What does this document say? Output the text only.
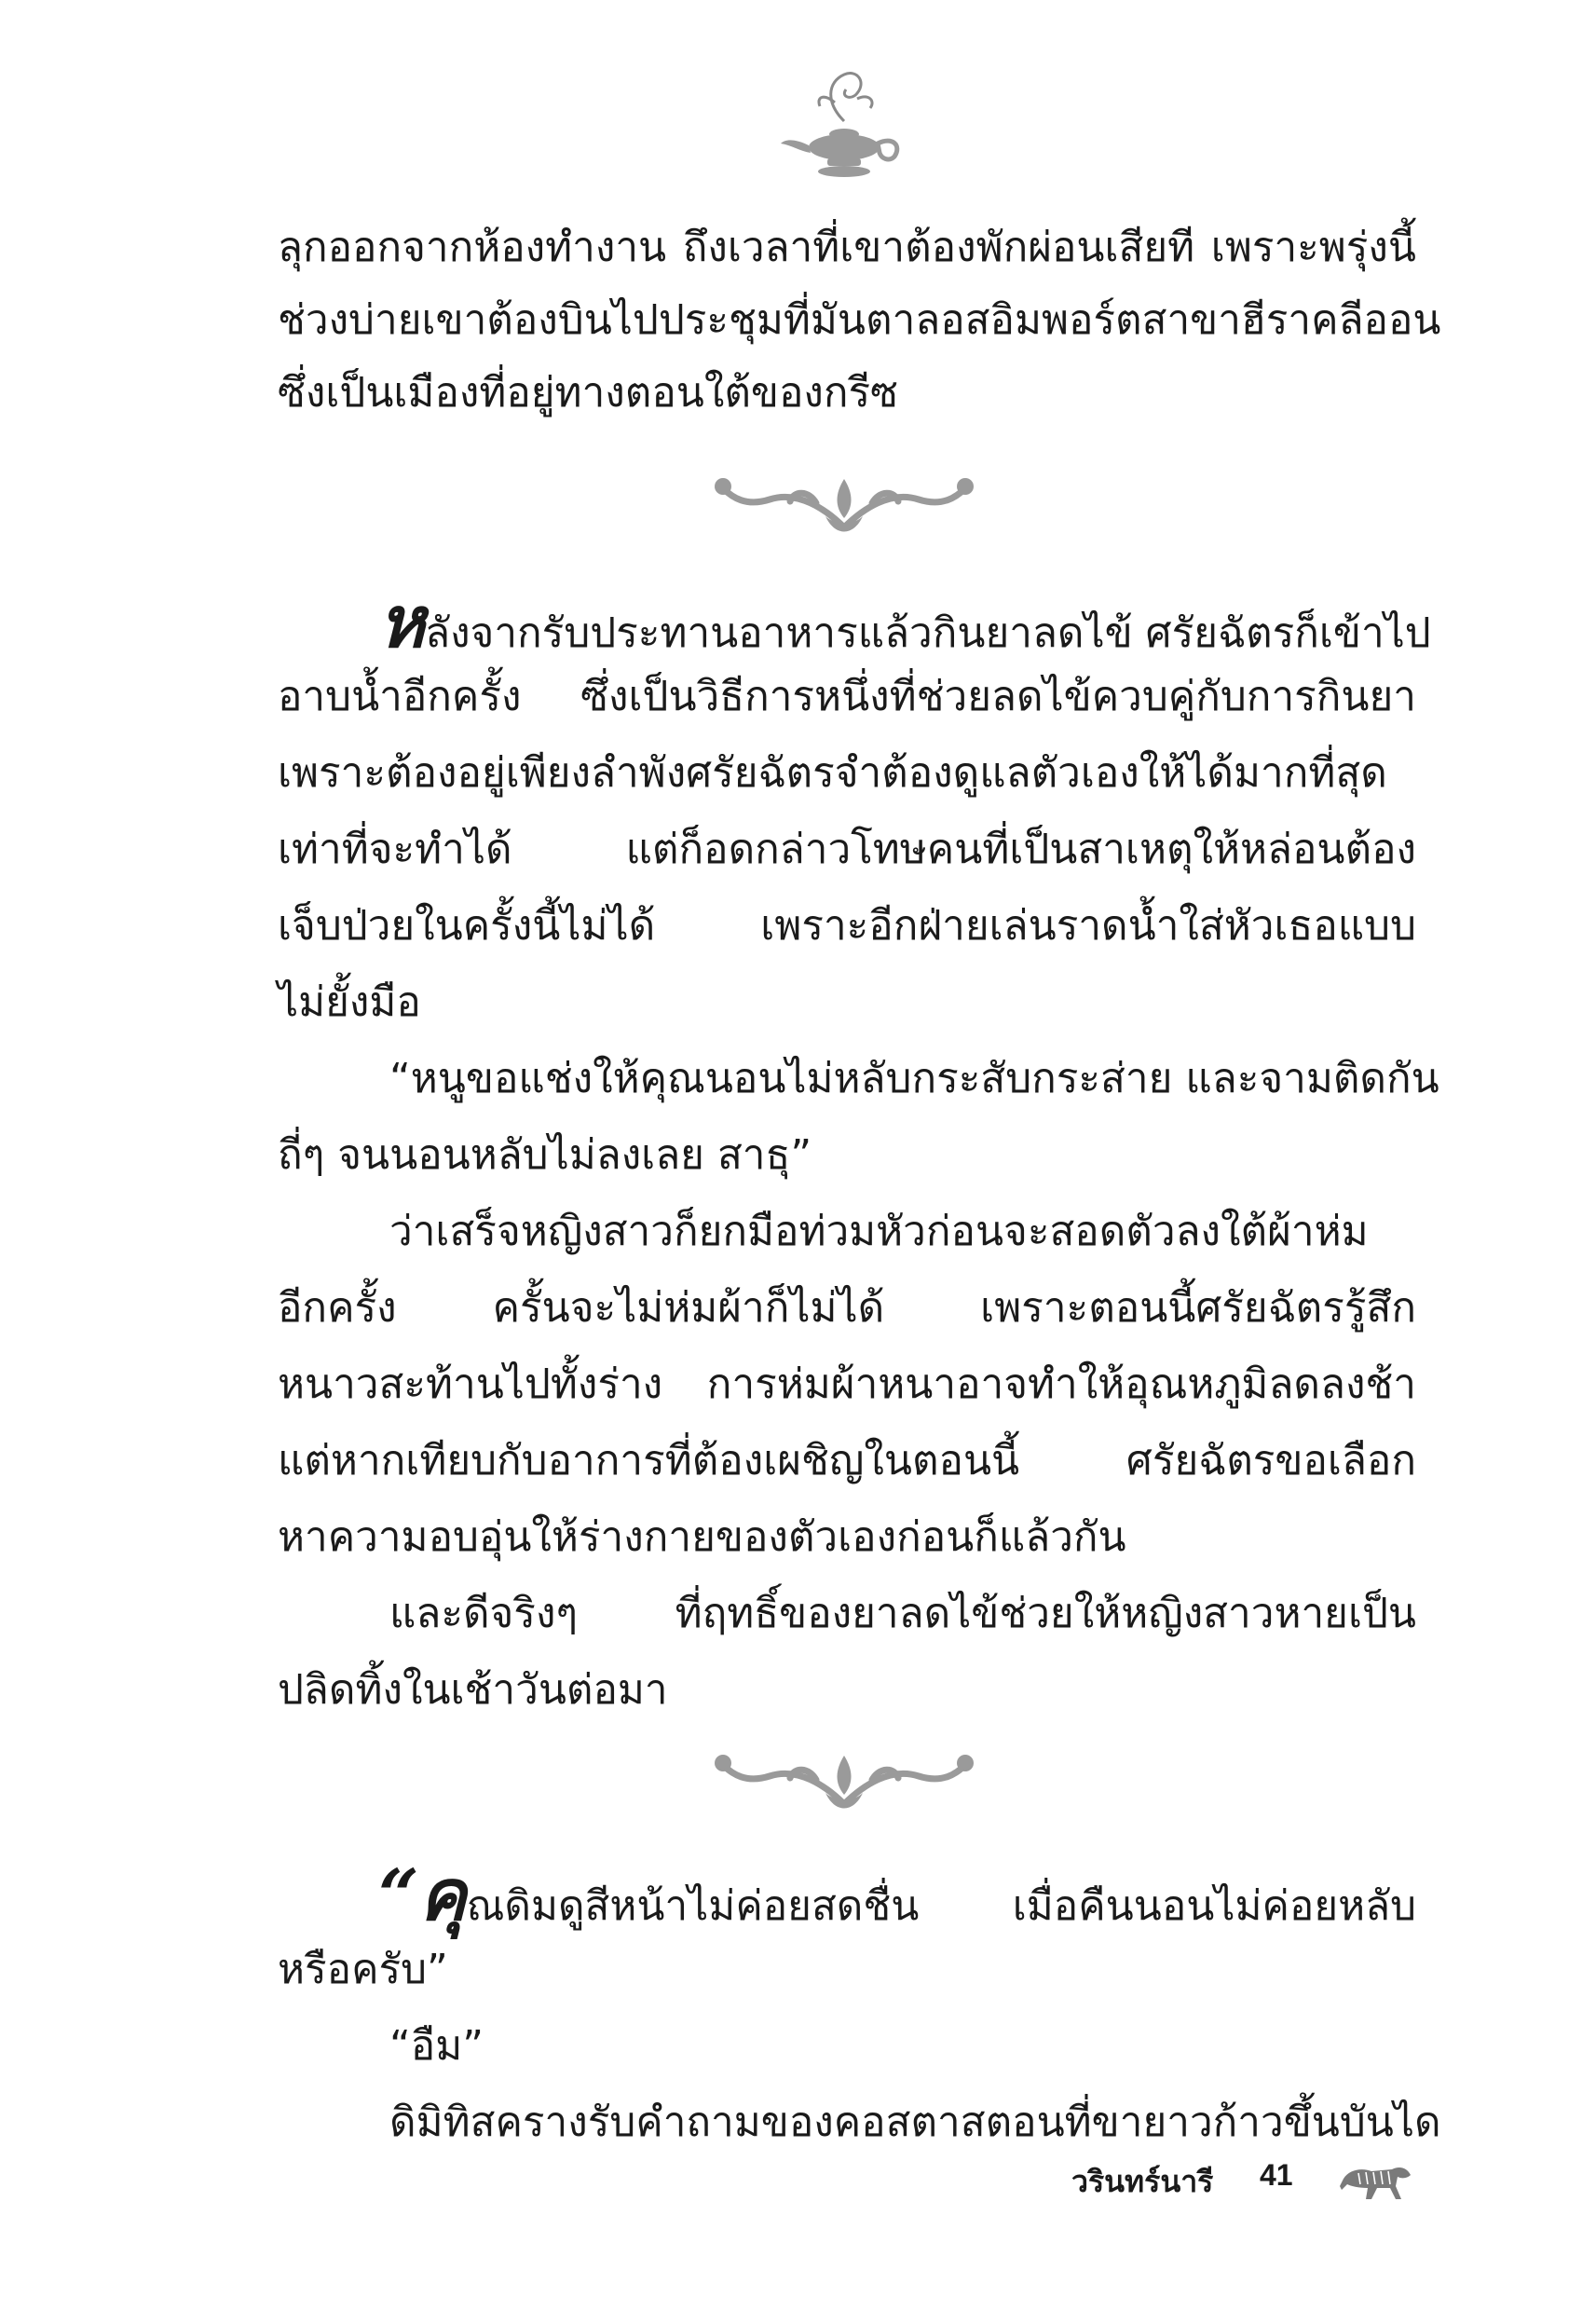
ลุกออกจากห้องทำงาน ถึงเวลาที่เขาต้องพักผ่อนเสียที เพราะพรุ่งนี้
ช่วงบ่ายเขาต้องบินไปประชุมที่มันตาลอสอิมพอร์ตสาขาฮีราคลีออน
ซึ่งเป็นเมืองที่อยู่ทางตอนใต้ของกรีซ
หลังจากรับประทานอาหารแล้วกินยาลดไข้ ศรัยฉัตรก็เข้าไป
อาบน้ำอีกครั้ง ซึ่งเป็นวิธีการหนึ่งที่ช่วยลดไข้ควบคู่กับการกินยา
เพราะต้องอยู่เพียงลำพังศรัยฉัตรจำต้องดูแลตัวเองให้ได้มากที่สุด
เท่าที่จะทำได้ แต่ก็อดกล่าวโทษคนที่เป็นสาเหตุให้หล่อนต้อง
เจ็บป่วยในครั้งนี้ไม่ได้ เพราะอีกฝ่ายเล่นราดน้ำใส่หัวเธอแบบ
ไม่ยั้งมือ
“หนูขอแช่งให้คุณนอนไม่หลับกระสับกระส่าย และจามติดกัน
ถี่ๆ จนนอนหลับไม่ลงเลย สาธุ”
ว่าเสร็จหญิงสาวก็ยกมือท่วมหัวก่อนจะสอดตัวลงใต้ผ้าห่ม
อีกครั้ง ครั้นจะไม่ห่มผ้าก็ไม่ได้ เพราะตอนนี้ศรัยฉัตรรู้สึก
หนาวสะท้านไปทั้งร่าง การห่มผ้าหนาอาจทำให้อุณหภูมิลดลงช้า
แต่หากเทียบกับอาการที่ต้องเผชิญในตอนนี้ ศรัยฉัตรขอเลือก
หาความอบอุ่นให้ร่างกายของตัวเองก่อนก็แล้วกัน
และดีจริงๆ ที่ฤทธิ์ของยาลดไข้ช่วยให้หญิงสาวหายเป็น
ปลิดทิ้งในเช้าวันต่อมา
“คุณดิมดูสีหน้าไม่ค่อยสดชื่น เมื่อคืนนอนไม่ค่อยหลับ
หรือครับ”
“อืม”
ดิมิทิสครางรับคำถามของคอสตาสตอนที่ขายาวก้าวขึ้นบันได
วรินทร์นารี 41
